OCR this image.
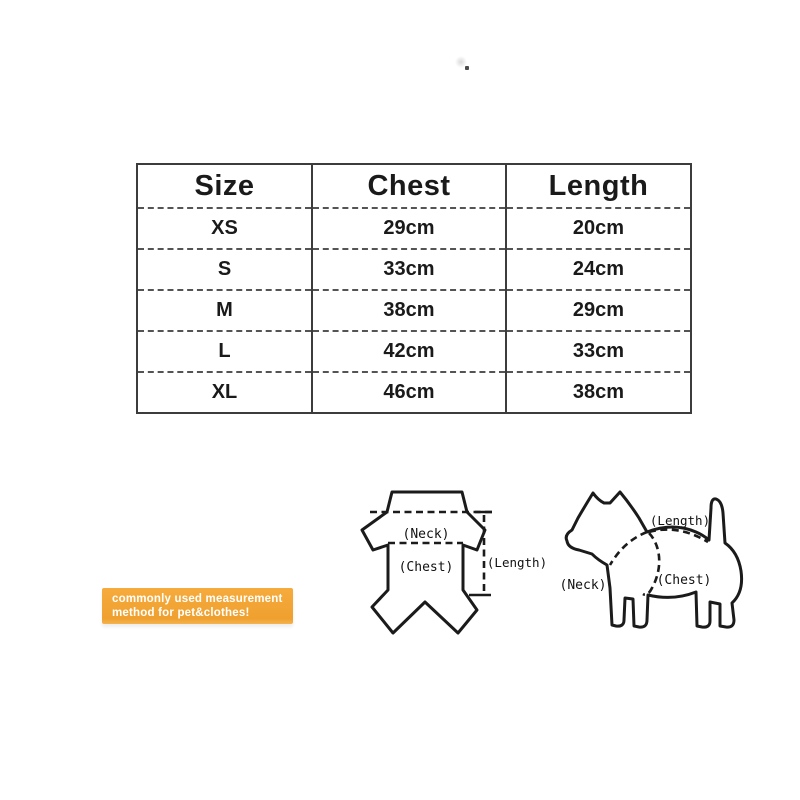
Size	Chest	Length
XS	29cm	20cm
S	33cm	24cm
M	38cm	29cm
L	42cm	33cm
XL	46cm	38cm
(Neck)
(Chest)	(Length)
(Length)
(Chest)
(Neck)
commonly used measurement
method for pet&clothes!
